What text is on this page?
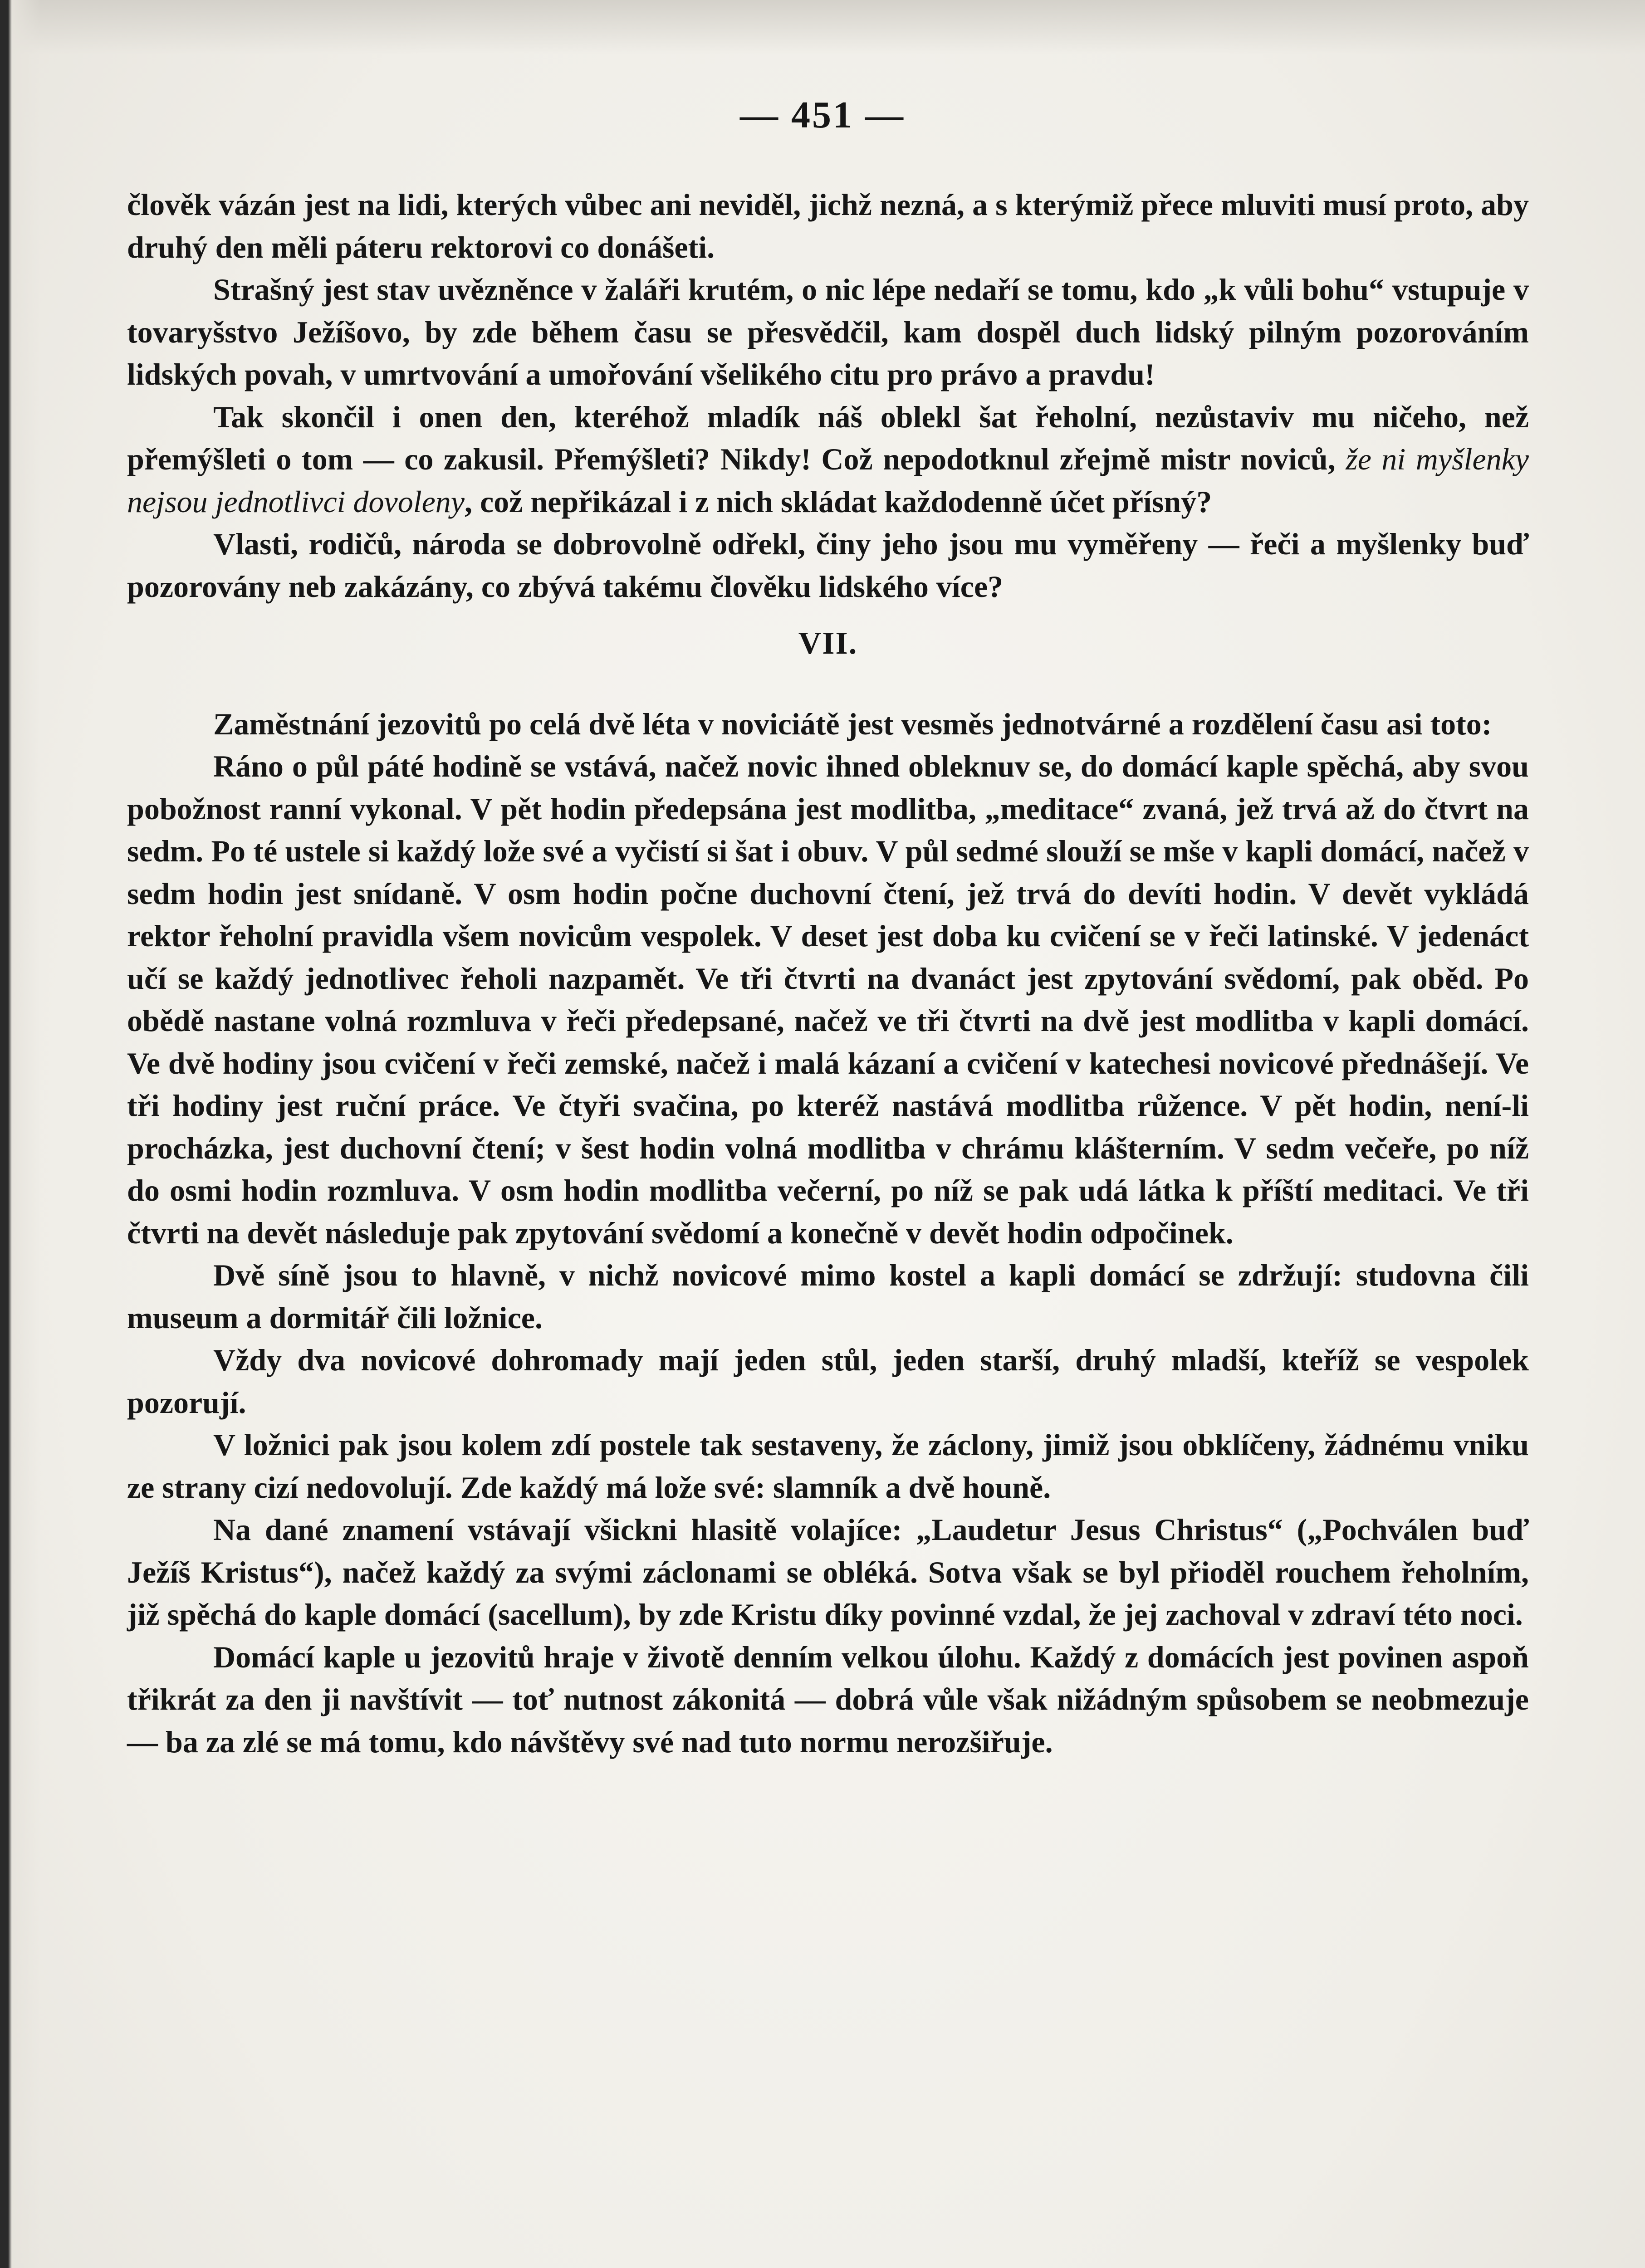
— 451 —

člověk vázán jest na lidi, kterých vůbec ani neviděl, jichž nezná, a s kterýmiž přece mluviti musí proto, aby druhý den měli páteru rektorovi co donášeti.

Strašný jest stav uvězněnce v žaláři krutém, o nic lépe nedaří se tomu, kdo „k vůli bohu“ vstupuje v tovaryšstvo Ježíšovo, by zde během času se přesvědčil, kam dospěl duch lidský pilným pozorováním lidských povah, v umrtvování a umořování všelikého citu pro právo a pravdu!

Tak skončil i onen den, kteréhož mladík náš oblekl šat řeholní, nezůstaviv mu ničeho, než přemýšleti o tom — co zakusil. Přemýšleti? Nikdy! Což nepodotknul zřejmě mistr noviců, že ni myšlenky nejsou jednotlivci dovoleny, což nepřikázal i z nich skládat každodenně účet přísný?

Vlasti, rodičů, národa se dobrovolně odřekl, činy jeho jsou mu vyměřeny — řeči a myšlenky buď pozorovány neb zakázány, co zbývá takému člověku lidského více?

VII.

Zaměstnání jezovitů po celá dvě léta v noviciátě jest vesměs jednotvárné a rozdělení času asi toto:

Ráno o půl páté hodině se vstává, načež novic ihned obleknuv se, do domácí kaple spěchá, aby svou pobožnost ranní vykonal. V pět hodin předepsána jest modlitba, „meditace“ zvaná, jež trvá až do čtvrt na sedm. Po té ustele si každý lože své a vyčistí si šat i obuv. V půl sedmé slouží se mše v kapli domácí, načež v sedm hodin jest snídaně. V osm hodin počne duchovní čtení, jež trvá do devíti hodin. V devět vykládá rektor řeholní pravidla všem novicům vespolek. V deset jest doba ku cvičení se v řeči latinské. V jedenáct učí se každý jednotlivec řeholi nazpamět. Ve tři čtvrti na dvanáct jest zpytování svědomí, pak oběd. Po obědě nastane volná rozmluva v řeči předepsané, načež ve tři čtvrti na dvě jest modlitba v kapli domácí. Ve dvě hodiny jsou cvičení v řeči zemské, načež i malá kázaní a cvičení v katechesi novicové přednášejí. Ve tři hodiny jest ruční práce. Ve čtyři svačina, po kteréž nastává modlitba růžence. V pět hodin, není-li procházka, jest duchovní čtení; v šest hodin volná modlitba v chrámu klášterním. V sedm večeře, po níž do osmi hodin rozmluva. V osm hodin modlitba večerní, po níž se pak udá látka k příští meditaci. Ve tři čtvrti na devět následuje pak zpytování svědomí a konečně v devět hodin odpočinek.

Dvě síně jsou to hlavně, v nichž novicové mimo kostel a kapli domácí se zdržují: studovna čili museum a dormitář čili ložnice.

Vždy dva novicové dohromady mají jeden stůl, jeden starší, druhý mladší, kteříž se vespolek pozorují.

V ložnici pak jsou kolem zdí postele tak sestaveny, že záclony, jimiž jsou obklíčeny, žádnému vniku ze strany cizí nedovolují. Zde každý má lože své: slamník a dvě houně.

Na dané znamení vstávají všickni hlasitě volajíce: „Laudetur Jesus Christus“ („Pochválen buď Ježíš Kristus“), načež každý za svými záclonami se obléká. Sotva však se byl přioděl rouchem řeholním, již spěchá do kaple domácí (sacellum), by zde Kristu díky povinné vzdal, že jej zachoval v zdraví této noci.

Domácí kaple u jezovitů hraje v životě denním velkou úlohu. Každý z domácích jest povinen aspoň třikrát za den ji navštívit — toť nutnost zákonitá — dobrá vůle však nižádným spůsobem se neobmezuje — ba za zlé se má tomu, kdo návštěvy své nad tuto normu nerozšiřuje.
